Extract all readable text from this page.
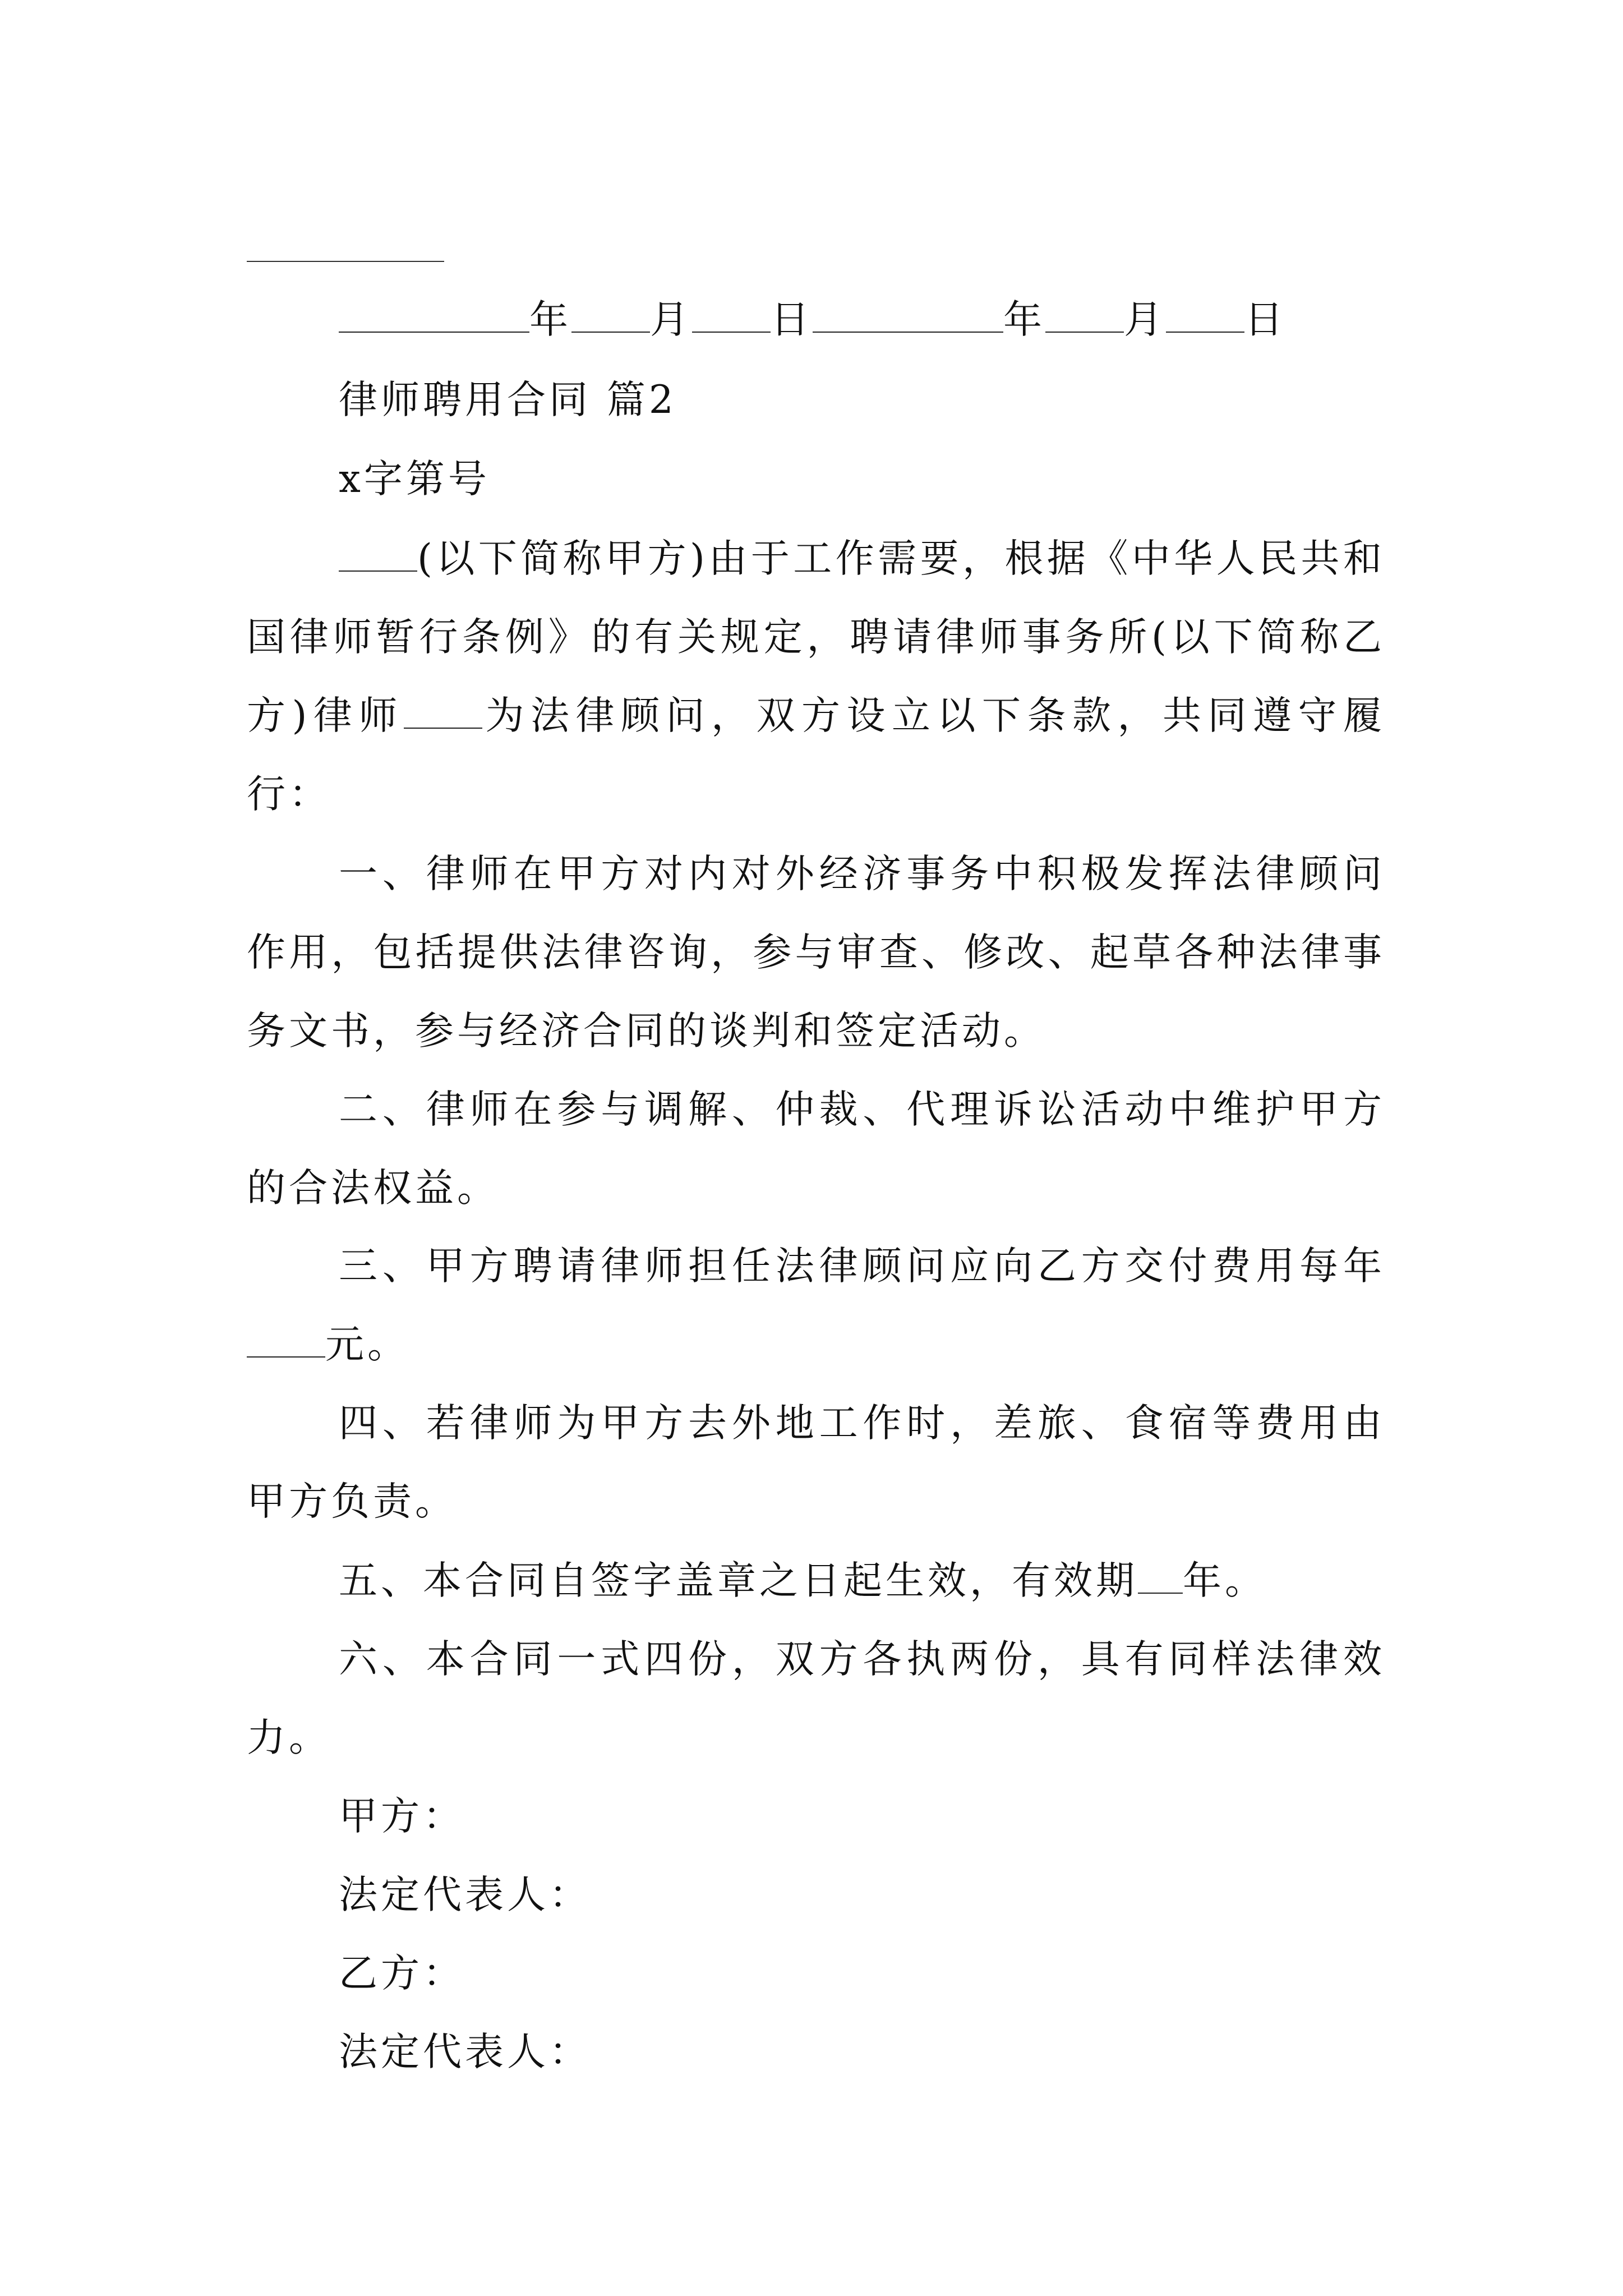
年 月 日	年 月 日
律师聘用合同 篇2
x字第号
(以下简称甲方)由于工作需要，根据《中华人民共和国律师暂行条例》的有关规定，聘请律师事务所(以下简称乙方)律师 为法律顾问，双方设立以下条款，共同遵守履行：
一、律师在甲方对内对外经济事务中积极发挥法律顾问作用，包括提供法律咨询，参与审查、修改、起草各种法律事务文书，参与经济合同的谈判和签定活动。
二、律师在参与调解、仲裁、代理诉讼活动中维护甲方的合法权益。
三、甲方聘请律师担任法律顾问应向乙方交付费用每年元。
四、若律师为甲方去外地工作时，差旅、食宿等费用由甲方负责。
五、本合同自签字盖章之日起生效，有效期 年。
六、本合同一式四份，双方各执两份，具有同样法律效力。
甲方：
法定代表人：
乙方：
法定代表人：
